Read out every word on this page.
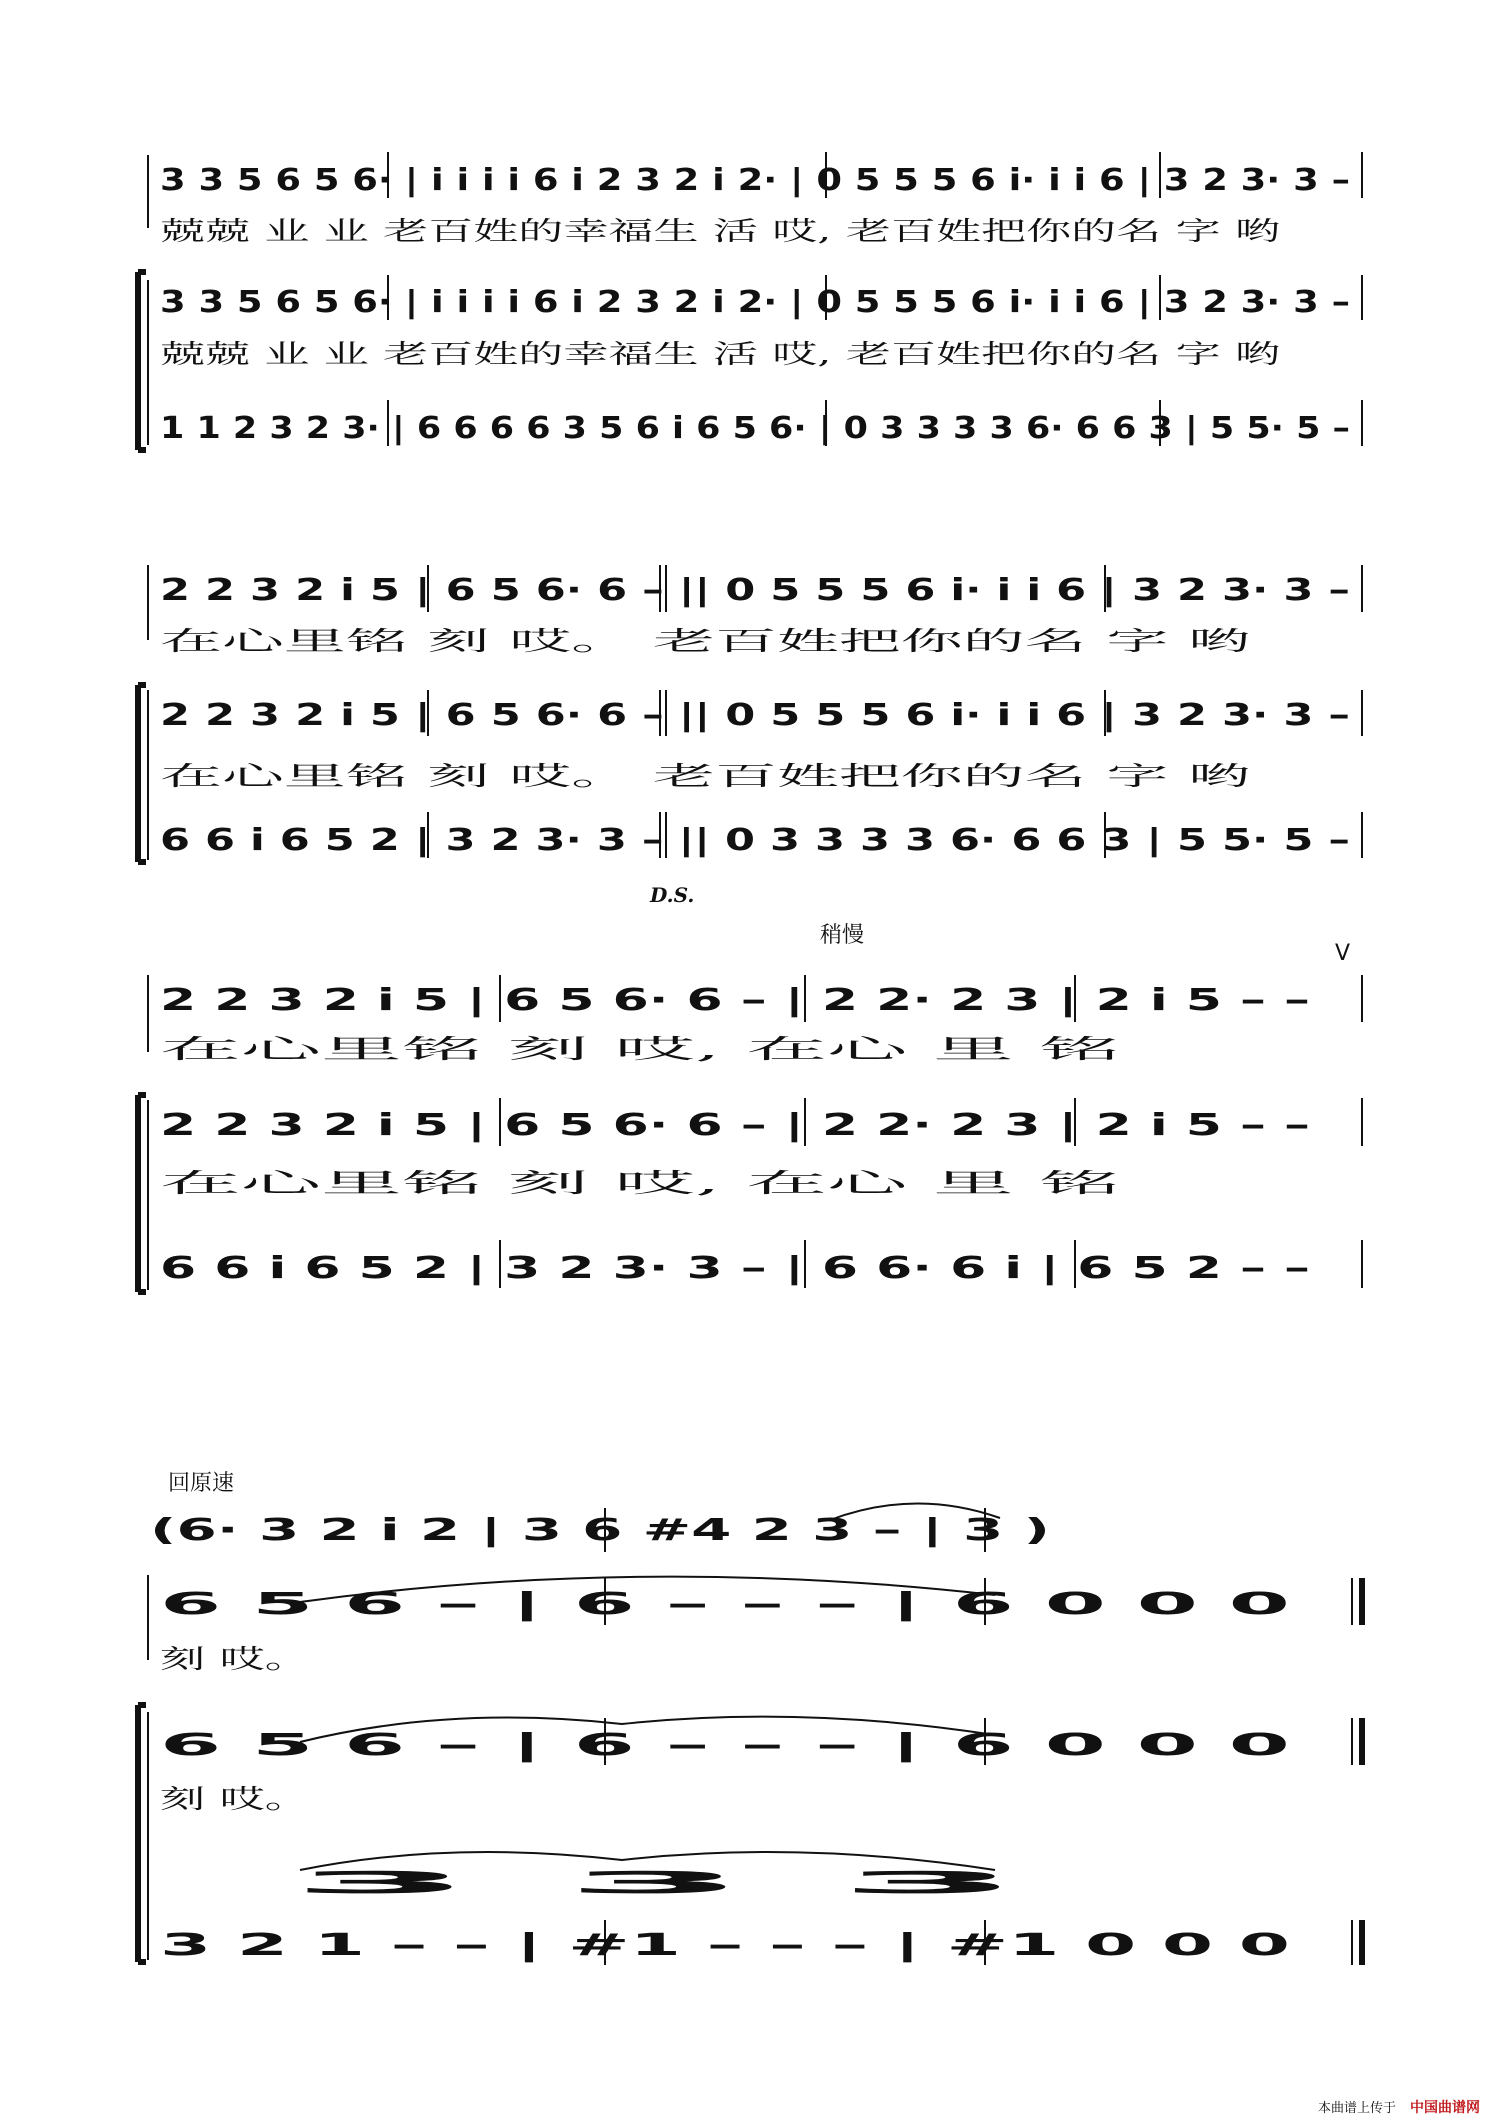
3 3 5 6 5 6· | i i i i 6 i 2 3 2 i 2· | 0 5 5 5 6 i· i i 6 | 3 2 3· 3 –
兢兢 业 业 老百姓的幸福生 活 哎, 老百姓把你的名 字 哟
3 3 5 6 5 6· | i i i i 6 i 2 3 2 i 2· | 0 5 5 5 6 i· i i 6 | 3 2 3· 3 –
兢兢 业 业 老百姓的幸福生 活 哎, 老百姓把你的名 字 哟
1 1 2 3 2 3· | 6 6 6 6 3 5 6 i 6 5 6· | 0 3 3 3 3 6· 6 6 3 | 5 5· 5 –
2 2 3 2 i 5 | 6 5 6· 6 – || 0 5 5 5 6 i· i i 6 | 3 2 3· 3 –
在心里铭 刻 哎。 老百姓把你的名 字 哟
2 2 3 2 i 5 | 6 5 6· 6 – || 0 5 5 5 6 i· i i 6 | 3 2 3· 3 –
在心里铭 刻 哎。 老百姓把你的名 字 哟
6 6 i 6 5 2 | 3 2 3· 3 – || 0 3 3 3 3 6· 6 6 3 | 5 5· 5 –
D.S.
稍慢
V
2 2 3 2 i 5 | 6 5 6· 6 – | 2 2· 2 3 | 2 i 5 – –
在心里铭 刻 哎, 在心 里 铭
2 2 3 2 i 5 | 6 5 6· 6 – | 2 2· 2 3 | 2 i 5 – –
在心里铭 刻 哎, 在心 里 铭
6 6 i 6 5 2 | 3 2 3· 3 – | 6 6· 6 i | 6 5 2 – –
回原速
(6· 3 2 i 2 | 3 6 #4 2 3 – | 3 )
6 5 6 – | 6 – – – | 6 0 0 0
刻 哎。
6 5 6 – | 6 – – – | 6 0 0 0
刻 哎。
3 3 3
3 2 1 – – | #1 – – – | #1 0 0 0
本曲谱上传于 中国曲谱网
